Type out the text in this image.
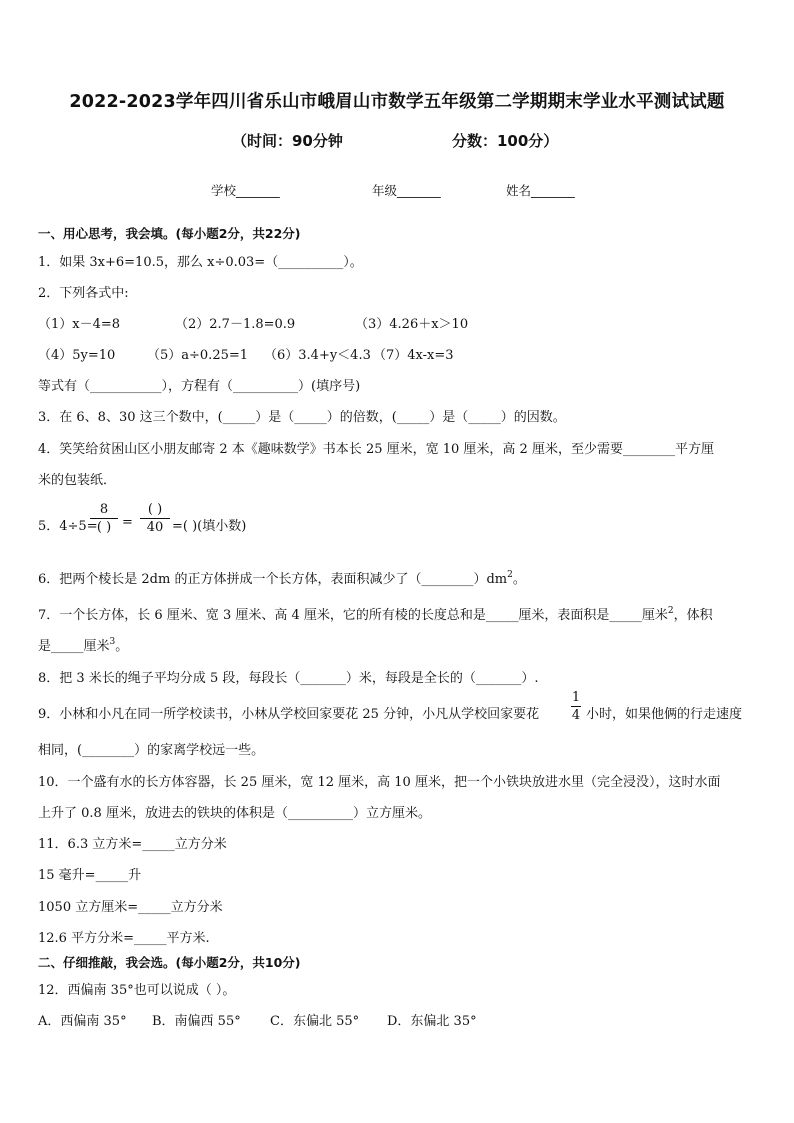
2022-2023学年四川省乐山市峨眉山市数学五年级第二学期期末学业水平测试试题
（时间：90分钟	分数：100分）
学校_______	年级_______	姓名_______
一、用心思考，我会填。(每小题2分，共22分)
1．如果 3x+6=10.5，那么 x÷0.03=（__________）。
2．下列各式中:
（1）x－4=8	（2）2.7－1.8=0.9	（3）4.26＋x＞10
（4）5y=10 （5）a÷0.25=1 （6）3.4+y＜4.3 （7）4x-x=3
等式有（___________），方程有（__________）(填序号)
3．在 6、8、30 这三个数中，(_____）是（_____）的倍数，(_____）是（_____）的因数。
4．笑笑给贫困山区小朋友邮寄 2 本《趣味数学》书本长 25 厘米，宽 10 厘米，高 2 厘米，至少需要________平方厘
米的包装纸．
5．4÷5=
8
( ) =
( )
40 =( )(填小数)
6．把两个棱长是 2dm 的正方体拼成一个长方体，表面积减少了$(\_\_\_\_\_\_\_\_)dm^2$。
7．一个长方体，长 6 厘米、宽 3 厘米、高 4 厘米，它的所有棱的长度总和是_____厘米，表面积是_____厘米$^2$，体积
是_____厘米$^3$。
8．把 3 米长的绳子平均分成 5 段，每段长（_______）米，每段是全长的（_______）.
9．小林和小凡在同一所学校读书，小林从学校回家要花 25 分钟，小凡从学校回家要花
1
4 小时，如果他俩的行走速度
相同，(________）的家离学校远一些。
10．一个盛有水的长方体容器，长 25 厘米，宽 12 厘米，高 10 厘米，把一个小铁块放进水里（完全浸没），这时水面
上升了 0.8 厘米，放进去的铁块的体积是（__________）立方厘米。
11．6.3 立方米=_____立方分米
15 毫升=_____升
1050 立方厘米=_____立方分米
12.6 平方分米=_____平方米.
二、仔细推敲，我会选。(每小题2分，共10分)
12．西偏南 35°也可以说成（ ）。
A．西偏南 35° B．南偏西 55° C．东偏北 55° D．东偏北 35°
